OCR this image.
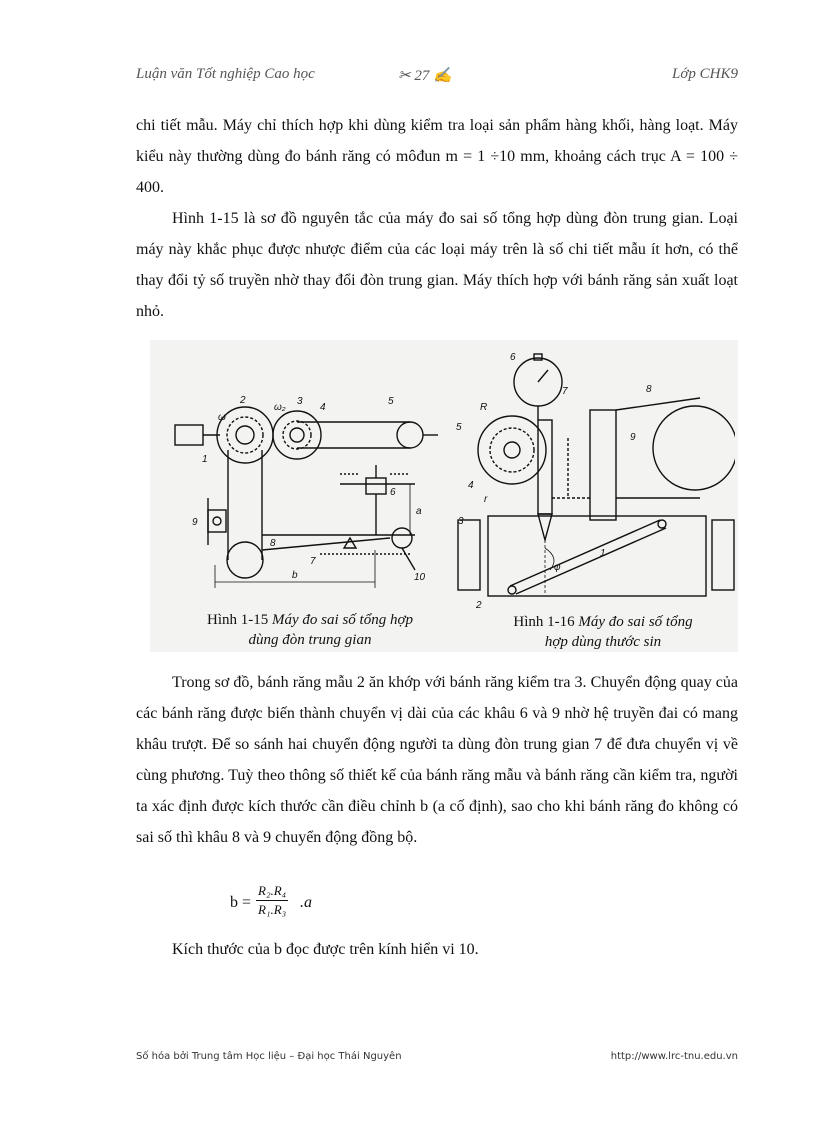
Luận văn Tốt nghiệp Cao học	✂ 27 ✍	Lớp CHK9

chi tiết mẫu. Máy chỉ thích hợp khi dùng kiểm tra loại sản phẩm hàng khối, hàng loạt. Máy kiểu này thường dùng đo bánh răng có môđun m = 1 ÷10 mm, khoảng cách trục A = 100 ÷ 400.

Hình 1-15 là sơ đồ nguyên tắc của máy đo sai số tổng hợp dùng đòn trung gian. Loại máy này khắc phục được nhược điểm của các loại máy trên là số chi tiết mẫu ít hơn, có thể thay đổi tỷ số truyền nhờ thay đổi đòn trung gian. Máy thích hợp với bánh răng sản xuất loạt nhỏ.

2
ω
ω₂
3
4
5
1
6
9
8
7
a
b	10
6
7	8
9
R
5
4
r
3
1
φ
2
Hình 1-15 Máy đo sai số tổng hợp
dùng đòn trung gian
Hình 1-16 Máy đo sai số tổng
hợp dùng thước sin

Trong sơ đồ, bánh răng mẫu 2 ăn khớp với bánh răng kiểm tra 3. Chuyển động quay của các bánh răng được biến thành chuyển vị dài của các khâu 6 và 9 nhờ hệ truyền đai có mang khâu trượt. Để so sánh hai chuyển động người ta dùng đòn trung gian 7 để đưa chuyển vị về cùng phương. Tuỳ theo thông số thiết kế của bánh răng mẫu và bánh răng cần kiểm tra, người ta xác định được kích thước cần điều chỉnh b (a cố định), sao cho khi bánh răng đo không có sai số thì khâu 8 và 9 chuyển động đồng bộ.

$b = \frac{\text{R₂.R₄}}{\text{R₁.R₃}} .a$

Kích thước của b đọc được trên kính hiển vi 10.

Số hóa bởi Trung tâm Học liệu – Đại học Thái Nguyên	http://www.lrc-tnu.edu.vn
